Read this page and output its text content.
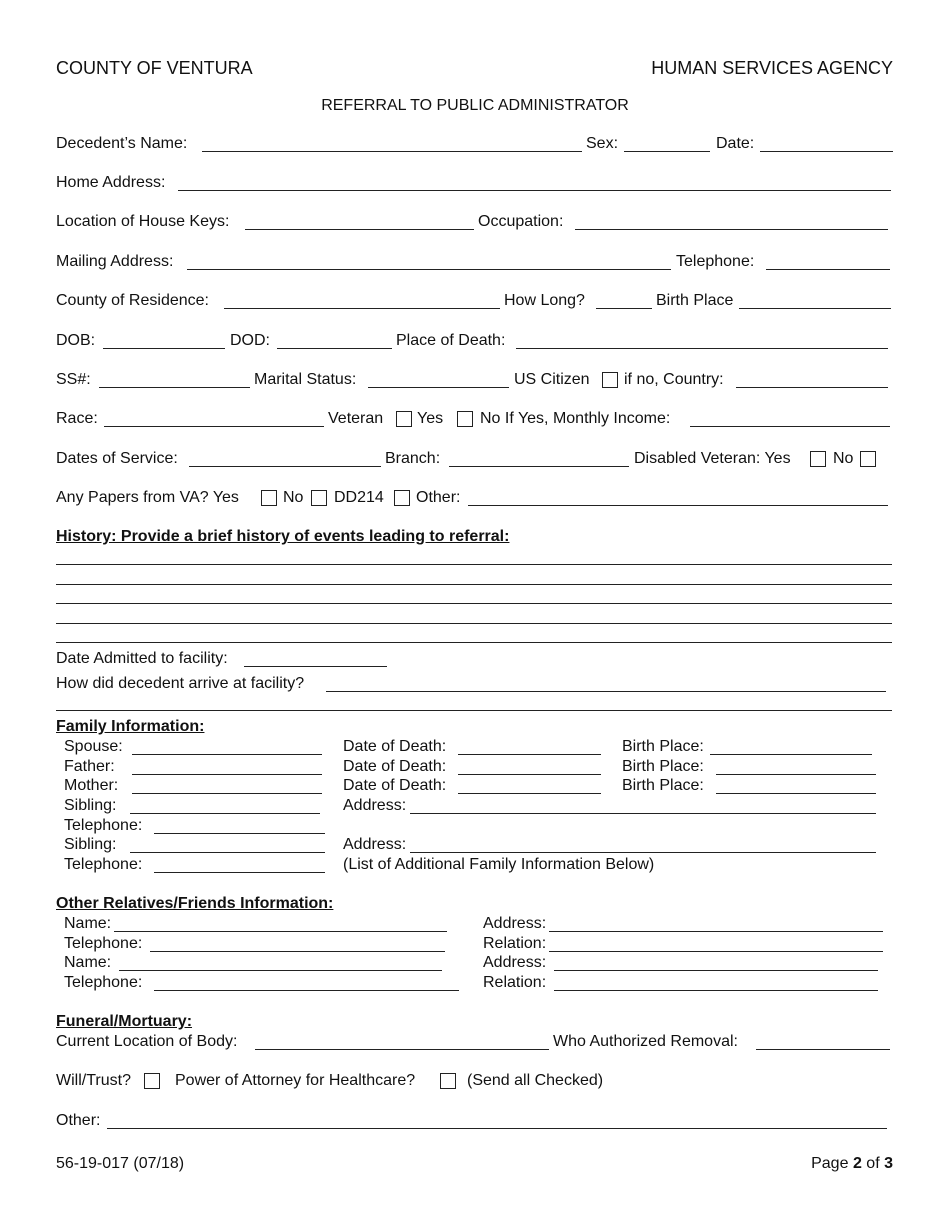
COUNTY OF VENTURA	HUMAN SERVICES AGENCY
REFERRAL TO PUBLIC ADMINISTRATOR
Decedent’s Name:	Sex:	Date:
Home Address:
Location of House Keys:	Occupation:
Mailing Address:	Telephone:
County of Residence:	How Long?	Birth Place
DOB:	DOD:	Place of Death:
SS#:	Marital Status:	US Citizen if no, Country:
Race:	Veteran Yes No If Yes, Monthly Income:
Dates of Service:	Branch:	Disabled Veteran: Yes	No
Any Papers from VA? Yes	No DD214 Other:
History: Provide a brief history of events leading to referral:
Date Admitted to facility:
How did decedent arrive at facility?
Family Information:
Spouse:	Date of Death:	Birth Place:
Father:	Date of Death:	Birth Place:
Mother:	Date of Death:	Birth Place:
Sibling:	Address:
Telephone:
Sibling:	Address:
Telephone:	(List of Additional Family Information Below)
Other Relatives/Friends Information:
Name:	Address:
Telephone:	Relation:
Name:	Address:
Telephone:	Relation:
Funeral/Mortuary:
Current Location of Body:	Who Authorized Removal:
Will/Trust?	Power of Attorney for Healthcare?	(Send all Checked)
Other:
56-19-017 (07/18)	Page 2 of 3
